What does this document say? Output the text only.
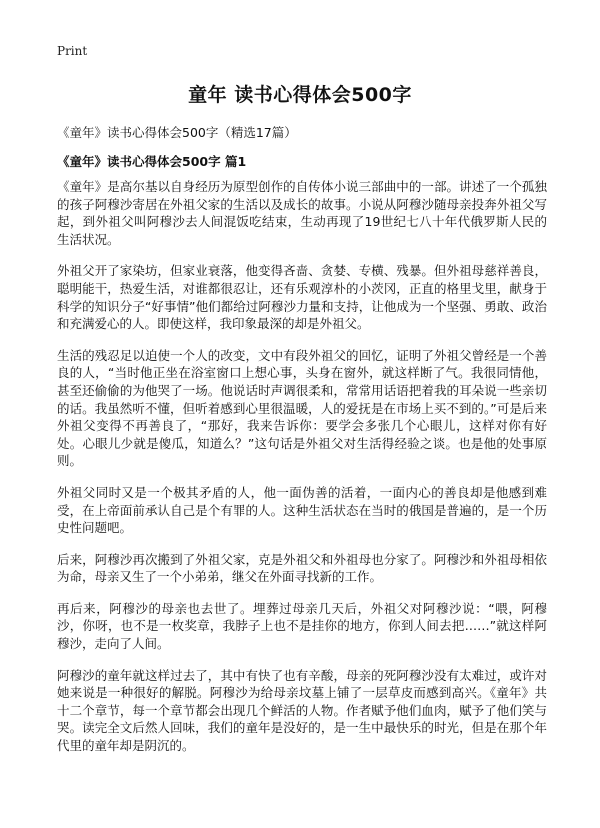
Print
童年 读书心得体会500字
《童年》读书心得体会500字（精选17篇）
《童年》读书心得体会500字 篇1

《童年》是高尔基以自身经历为原型创作的自传体小说三部曲中的一部。讲述了一个孤独的孩子阿穆沙寄居在外祖父家的生活以及成长的故事。小说从阿穆沙随母亲投奔外祖父写起，到外祖父叫阿穆沙去人间混饭吃结束，生动再现了19世纪七八十年代俄罗斯人民的生活状况。

外祖父开了家染坊，但家业衰落，他变得吝啬、贪婪、专横、残暴。但外祖母慈祥善良，聪明能干，热爱生活，对谁都很忍让，还有乐观淳朴的小茨冈，正直的格里戈里，献身于科学的知识分子“好事情”他们都给过阿穆沙力量和支持，让他成为一个坚强、勇敢、政治和充满爱心的人。即使这样，我印象最深的却是外祖父。

生活的残忍足以迫使一个人的改变，文中有段外祖父的回忆，证明了外祖父曾经是一个善良的人，“当时他正坐在浴室窗口上想心事，头身在窗外，就这样断了气。我很同情他，甚至还偷偷的为他哭了一场。他说话时声调很柔和，常常用话语把着我的耳朵说一些亲切的话。我虽然听不懂，但听着感到心里很温暖，人的爱抚是在市场上买不到的。”可是后来外祖父变得不再善良了，“那好，我来告诉你：要学会多张几个心眼儿，这样对你有好处。心眼儿少就是傻瓜，知道么？”这句话是外祖父对生活得经验之谈。也是他的处事原则。

外祖父同时又是一个极其矛盾的人，他一面伪善的活着，一面内心的善良却是他感到难受，在上帝面前承认自己是个有罪的人。这种生活状态在当时的俄国是普遍的，是一个历史性问题吧。

后来，阿穆沙再次搬到了外祖父家，克是外祖父和外祖母也分家了。阿穆沙和外祖母相依为命，母亲又生了一个小弟弟，继父在外面寻找新的工作。

再后来，阿穆沙的母亲也去世了。埋葬过母亲几天后，外祖父对阿穆沙说：“喂，阿穆沙，你呀，也不是一枚奖章，我脖子上也不是挂你的地方，你到人间去把……”就这样阿穆沙，走向了人间。

阿穆沙的童年就这样过去了，其中有快了也有辛酸，母亲的死阿穆沙没有太难过，或许对她来说是一种很好的解脱。阿穆沙为给母亲坟墓上铺了一层草皮而感到高兴。《童年》共十二个章节，每一个章节都会出现几个鲜活的人物。作者赋予他们血肉，赋予了他们笑与哭。读完全文后然人回味，我们的童年是没好的，是一生中最快乐的时光，但是在那个年代里的童年却是阴沉的。
